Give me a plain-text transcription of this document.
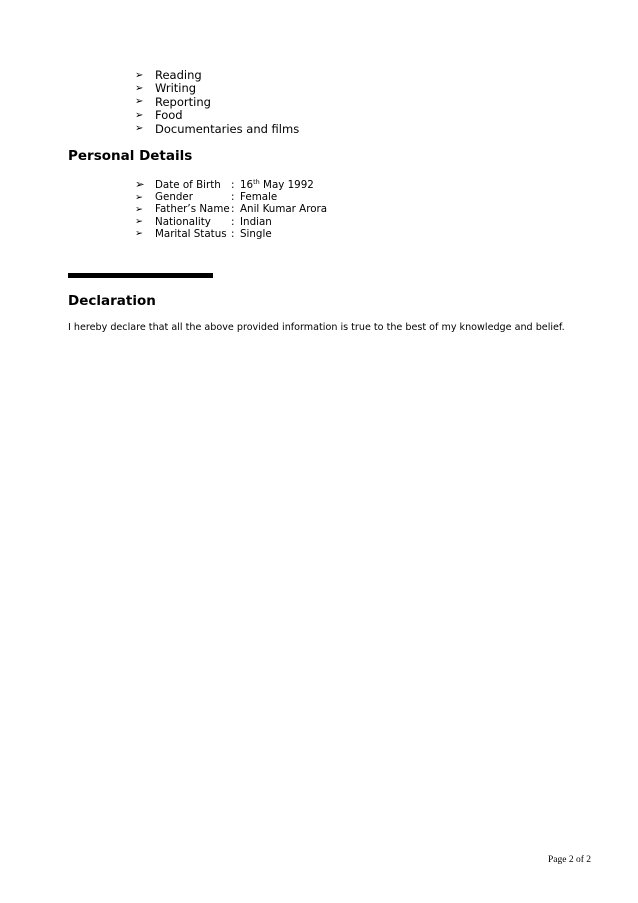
➢	Reading
➢	Writing
➢	Reporting
➢	Food
➢	Documentaries and films
Personal Details
➢	Date of Birth : 16th May 1992
➢	Gender	: Female
➢	Father’s Name : Anil Kumar Arora
➢	Nationality	: Indian
➢	Marital Status : Single
Declaration

I hereby declare that all the above provided information is true to the best of my knowledge and belief.

Page 2 of 2
